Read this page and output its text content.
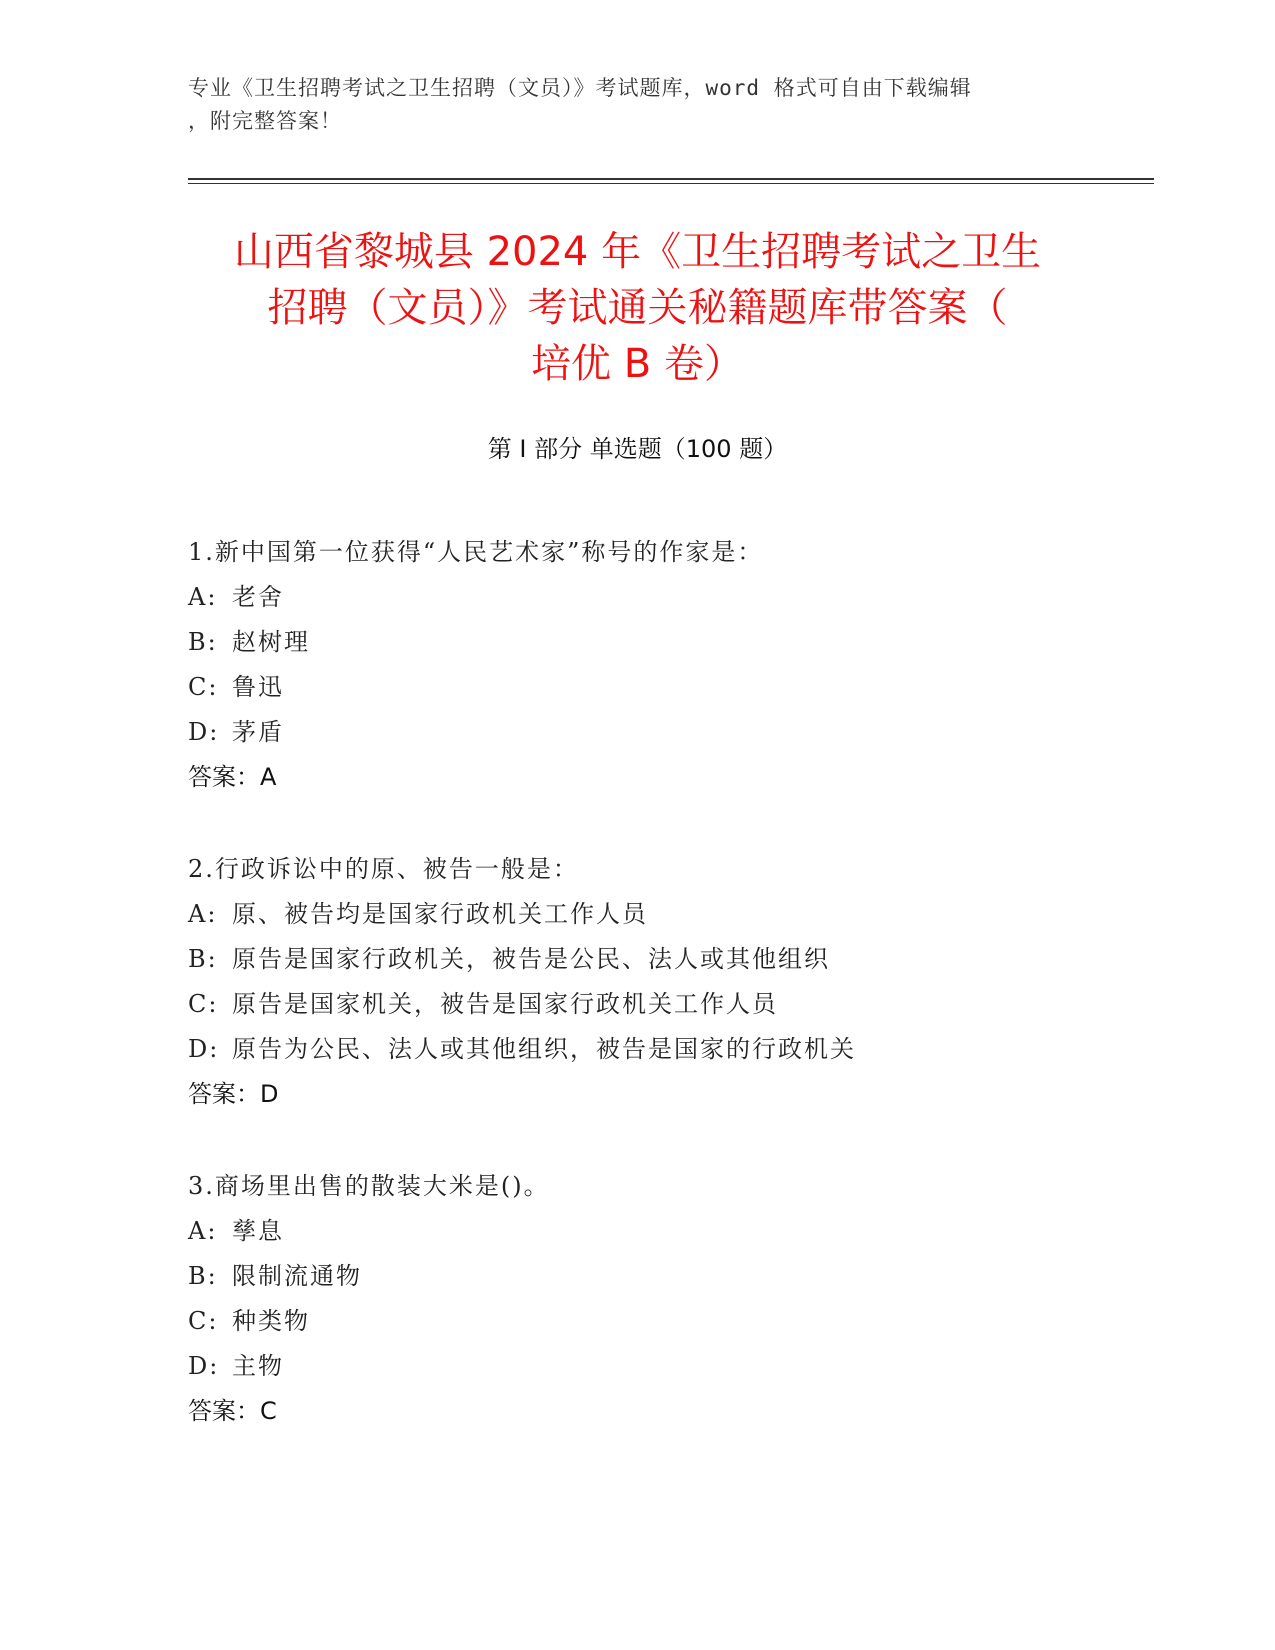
专业《卫生招聘考试之卫生招聘（文员）》考试题库，word 格式可自由下载编辑
，附完整答案！
山西省黎城县 2024 年《卫生招聘考试之卫生
招聘（文员）》考试通关秘籍题库带答案（
培优 B 卷）
第 I 部分 单选题（100 题）
1.新中国第一位获得“人民艺术家”称号的作家是：
A: 老舍
B: 赵树理
C: 鲁迅
D: 茅盾
答案：A
2.行政诉讼中的原、被告一般是：
A: 原、被告均是国家行政机关工作人员
B: 原告是国家行政机关，被告是公民、法人或其他组织
C: 原告是国家机关，被告是国家行政机关工作人员
D: 原告为公民、法人或其他组织，被告是国家的行政机关
答案：D
3.商场里出售的散装大米是()。
A: 孳息
B: 限制流通物
C: 种类物
D: 主物
答案：C
